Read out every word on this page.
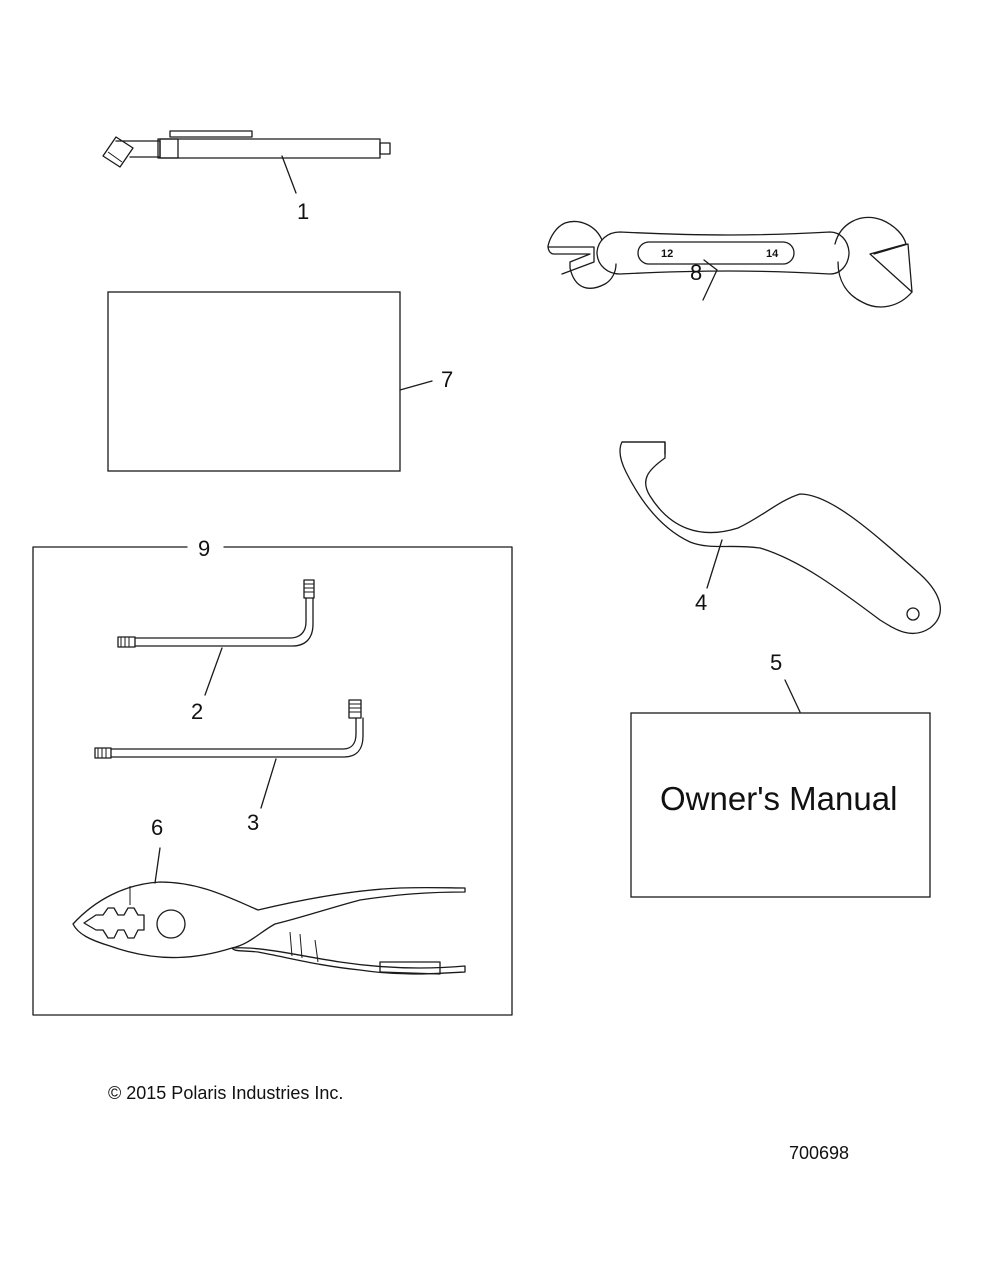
1
7
12	14
8
4
5
Owner's Manual
9
2
3
6
© 2015 Polaris Industries Inc.
700698
